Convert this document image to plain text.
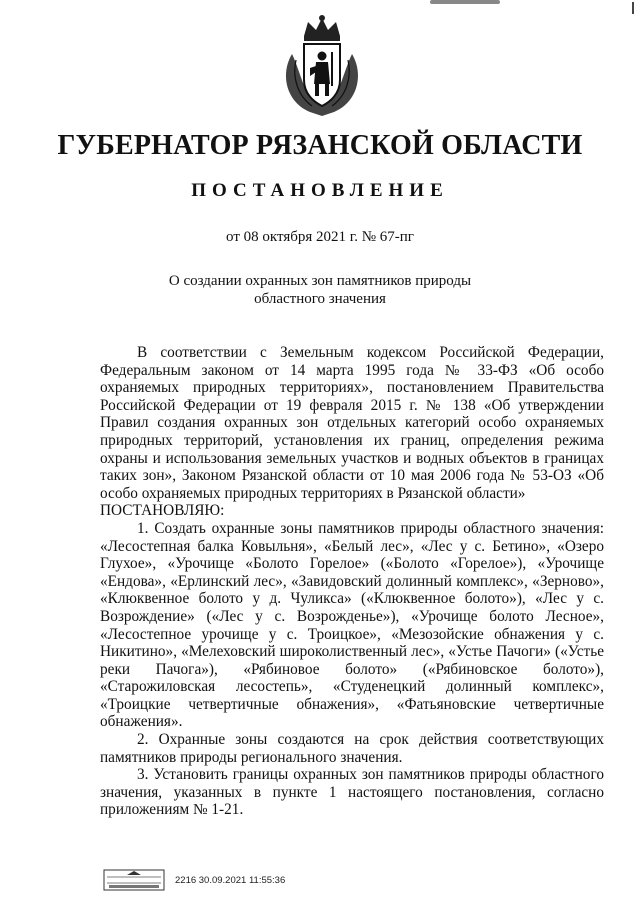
ГУБЕРНАТОР РЯЗАНСКОЙ ОБЛАСТИ
ПОСТАНОВЛЕНИЕ
от 08 октября 2021 г. № 67-пг
О создании охранных зон памятников природы
областного значения

В соответствии с Земельным кодексом Российской Федерации, Федеральным законом от 14 марта 1995 года № 33-ФЗ «Об особо охраняемых природных территориях», постановлением Правительства Российской Федерации от 19 февраля 2015 г. № 138 «Об утверждении Правил создания охранных зон отдельных категорий особо охраняемых природных территорий, установления их границ, определения режима охраны и использования земельных участков и водных объектов в границах таких зон», Законом Рязанской области от 10 мая 2006 года № 53-ОЗ «Об особо охраняемых природных территориях в Рязанской области»

ПОСТАНОВЛЯЮ:

1. Создать охранные зоны памятников природы областного значения: «Лесостепная балка Ковыльня», «Белый лес», «Лес у с. Бетино», «Озеро Глухое», «Урочище «Болото Горелое» («Болото «Горелое»), «Урочище «Ендова», «Ерлинский лес», «Завидовский долинный комплекс», «Зерново», «Клюквенное болото у д. Чуликса» («Клюквенное болото»), «Лес у с. Возрождение» («Лес у с. Возрожденье»), «Урочище болото Лесное», «Лесостепное урочище у с. Троицкое», «Мезозойские обнажения у с. Никитино», «Мелеховский широколиственный лес», «Устье Пачоги» («Устье реки Пачога»), «Рябиновое болото» («Рябиновское болото»), «Старожиловская лесостепь», «Студенецкий долинный комплекс», «Троицкие четвертичные обнажения», «Фатьяновские четвертичные обнажения».

2. Охранные зоны создаются на срок действия соответствующих памятников природы регионального значения.

3. Установить границы охранных зон памятников природы областного значения, указанных в пункте 1 настоящего постановления, согласно приложениям № 1-21.

2216 30.09.2021 11:55:36
